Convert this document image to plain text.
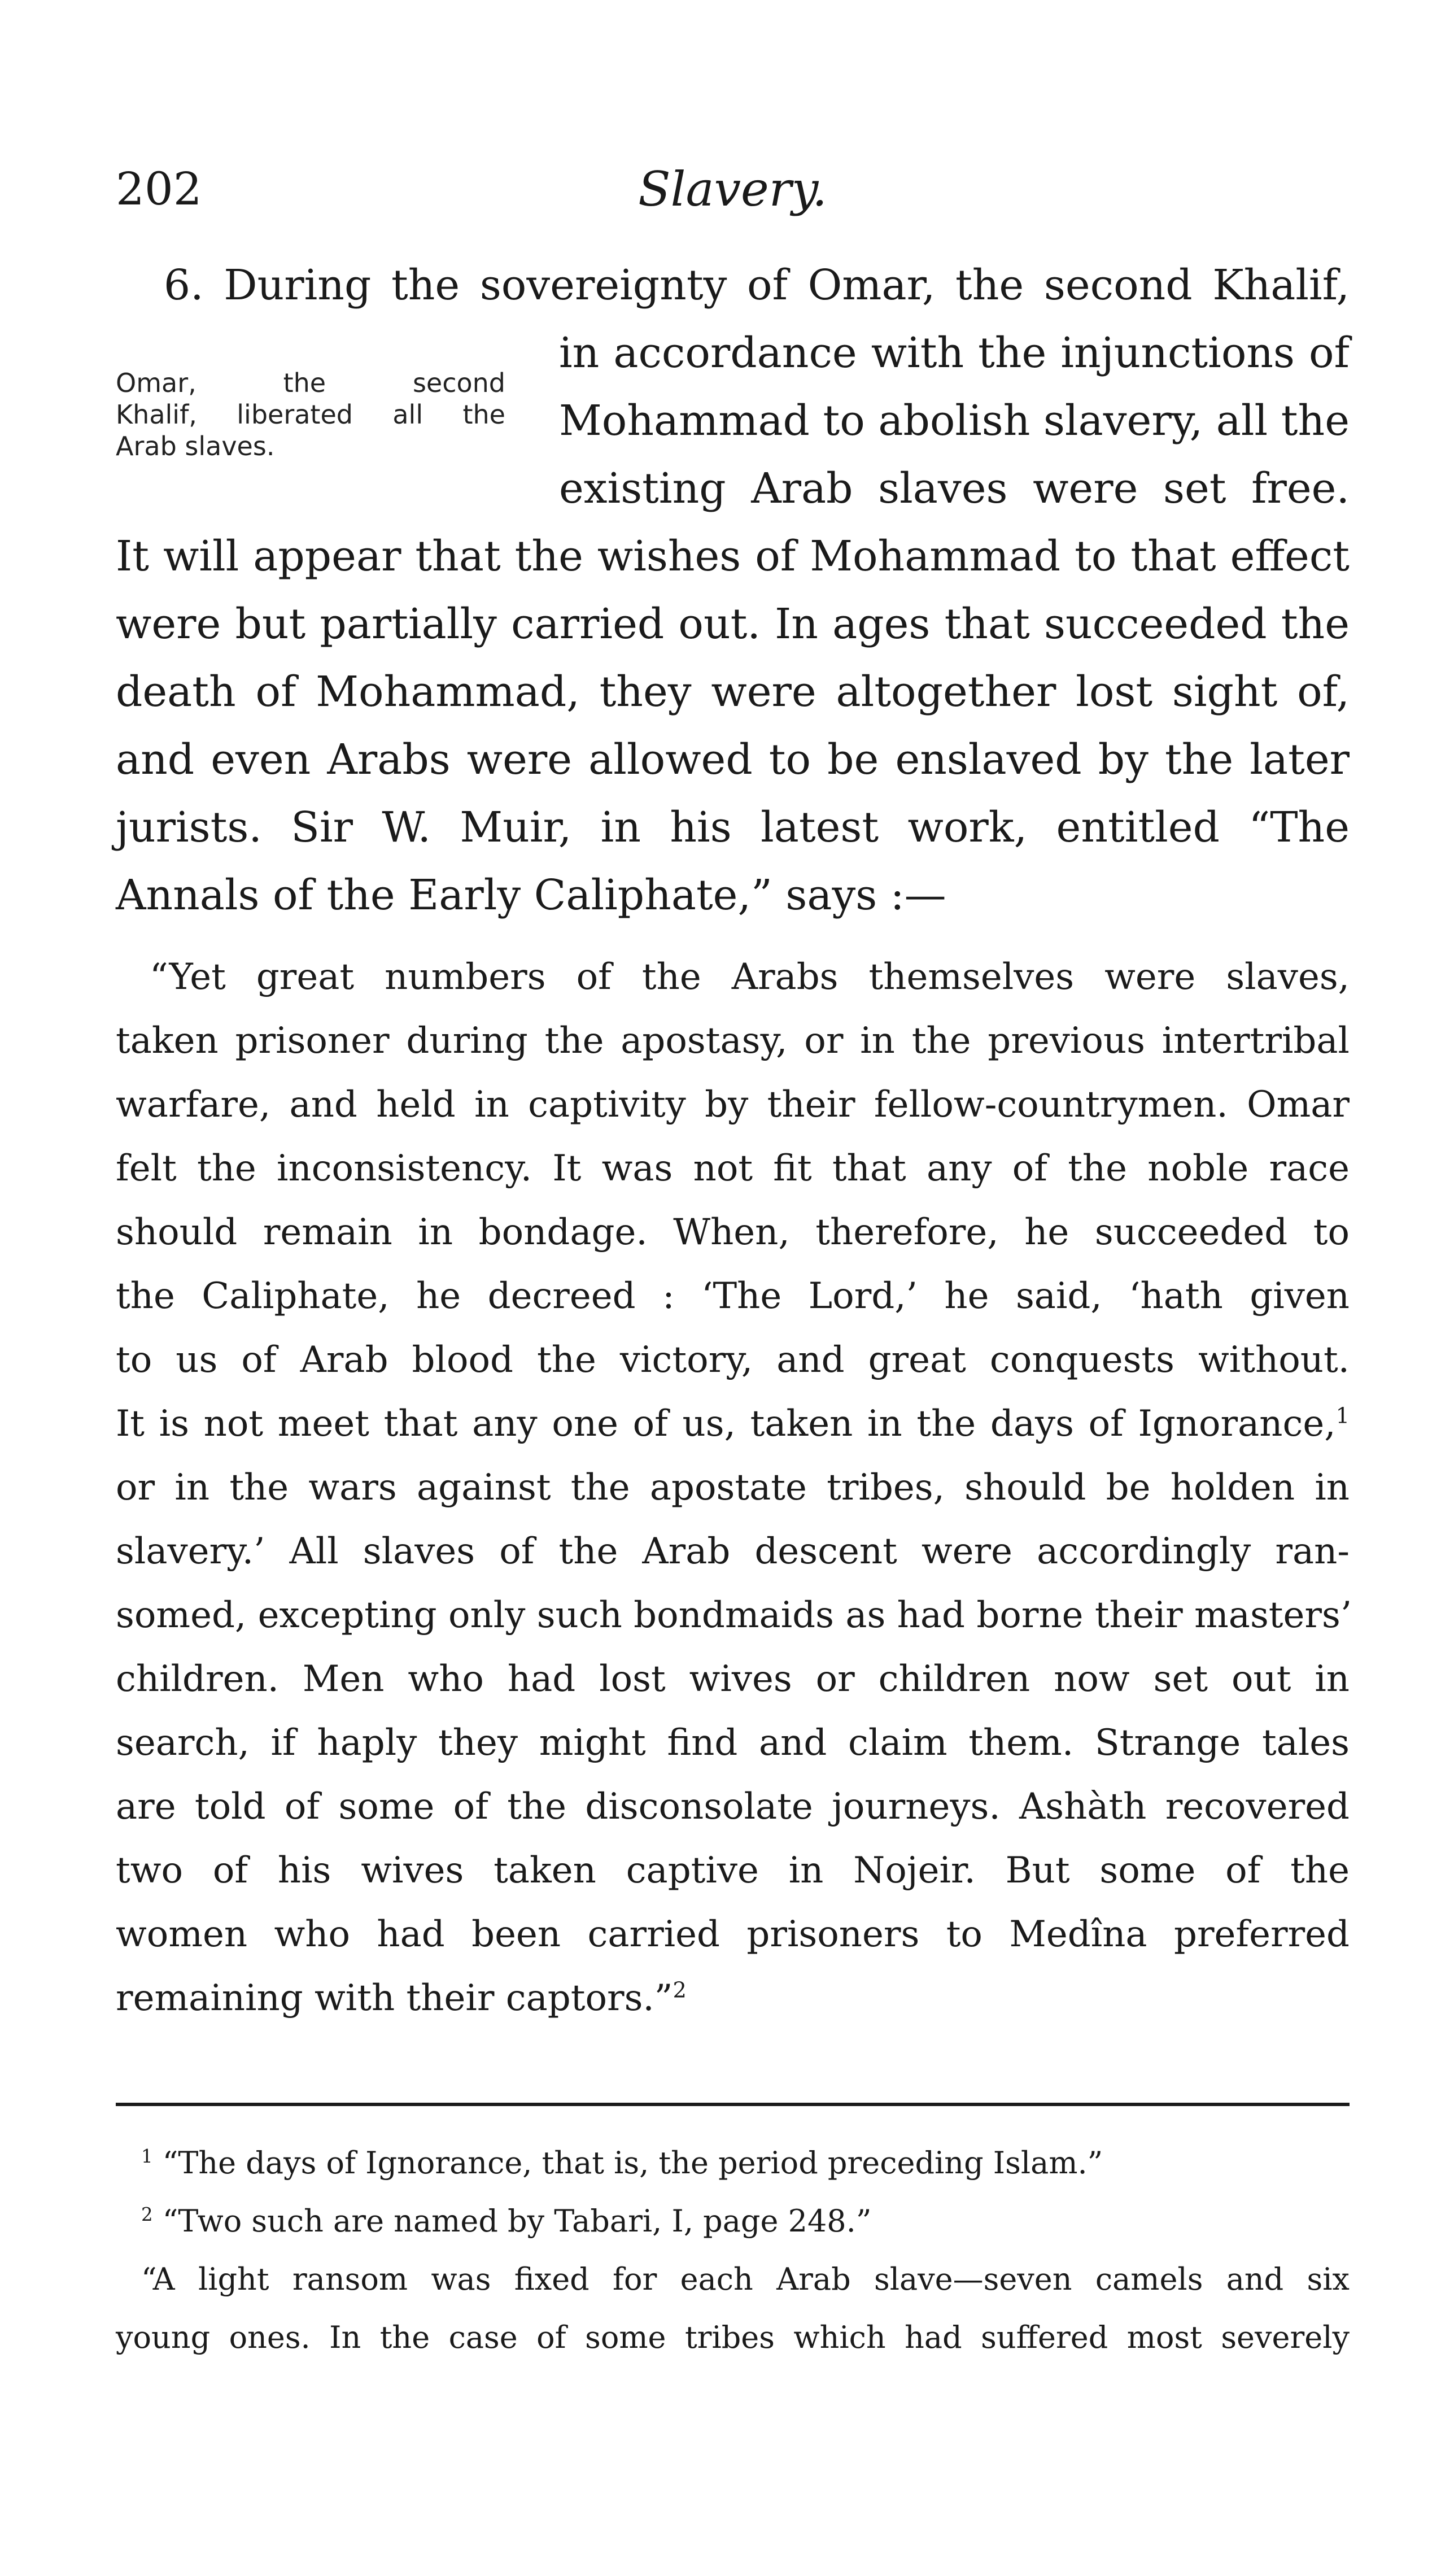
202	Slavery.
Omar, the second
Khalif, liberated all the
Arab slaves.
6. During the sovereignty of Omar, the second Khalif,
in accordance with the injunctions of
Mohammad to abolish slavery, all the
existing Arab slaves were set free.
It will appear that the wishes of Mohammad to that effect
were but partially carried out. In ages that succeeded the
death of Mohammad, they were altogether lost sight of,
and even Arabs were allowed to be enslaved by the later
jurists. Sir W. Muir, in his latest work, entitled “The
Annals of the Early Caliphate,” says :—
“Yet great numbers of the Arabs themselves were slaves,
taken prisoner during the apostasy, or in the previous intertribal
warfare, and held in captivity by their fellow-countrymen. Omar
felt the inconsistency. It was not fit that any of the noble race
should remain in bondage. When, therefore, he succeeded to
the Caliphate, he decreed : ‘The Lord,’ he said, ‘hath given
to us of Arab blood the victory, and great conquests without.
It is not meet that any one of us, taken in the days of Ignorance,$^1$
or in the wars against the apostate tribes, should be holden in
slavery.’ All slaves of the Arab descent were accordingly ran-
somed, excepting only such bondmaids as had borne their masters’
children. Men who had lost wives or children now set out in
search, if haply they might find and claim them. Strange tales
are told of some of the disconsolate journeys. Ashàth recovered
two of his wives taken captive in Nojeir. But some of the
women who had been carried prisoners to Medîna preferred
remaining with their captors.”$^2$
$^1$ “The days of Ignorance, that is, the period preceding Islam.”
$^2$ “Two such are named by Tabari, I, page 248.”
“A light ransom was fixed for each Arab slave—seven camels and six
young ones. In the case of some tribes which had suffered most severely
